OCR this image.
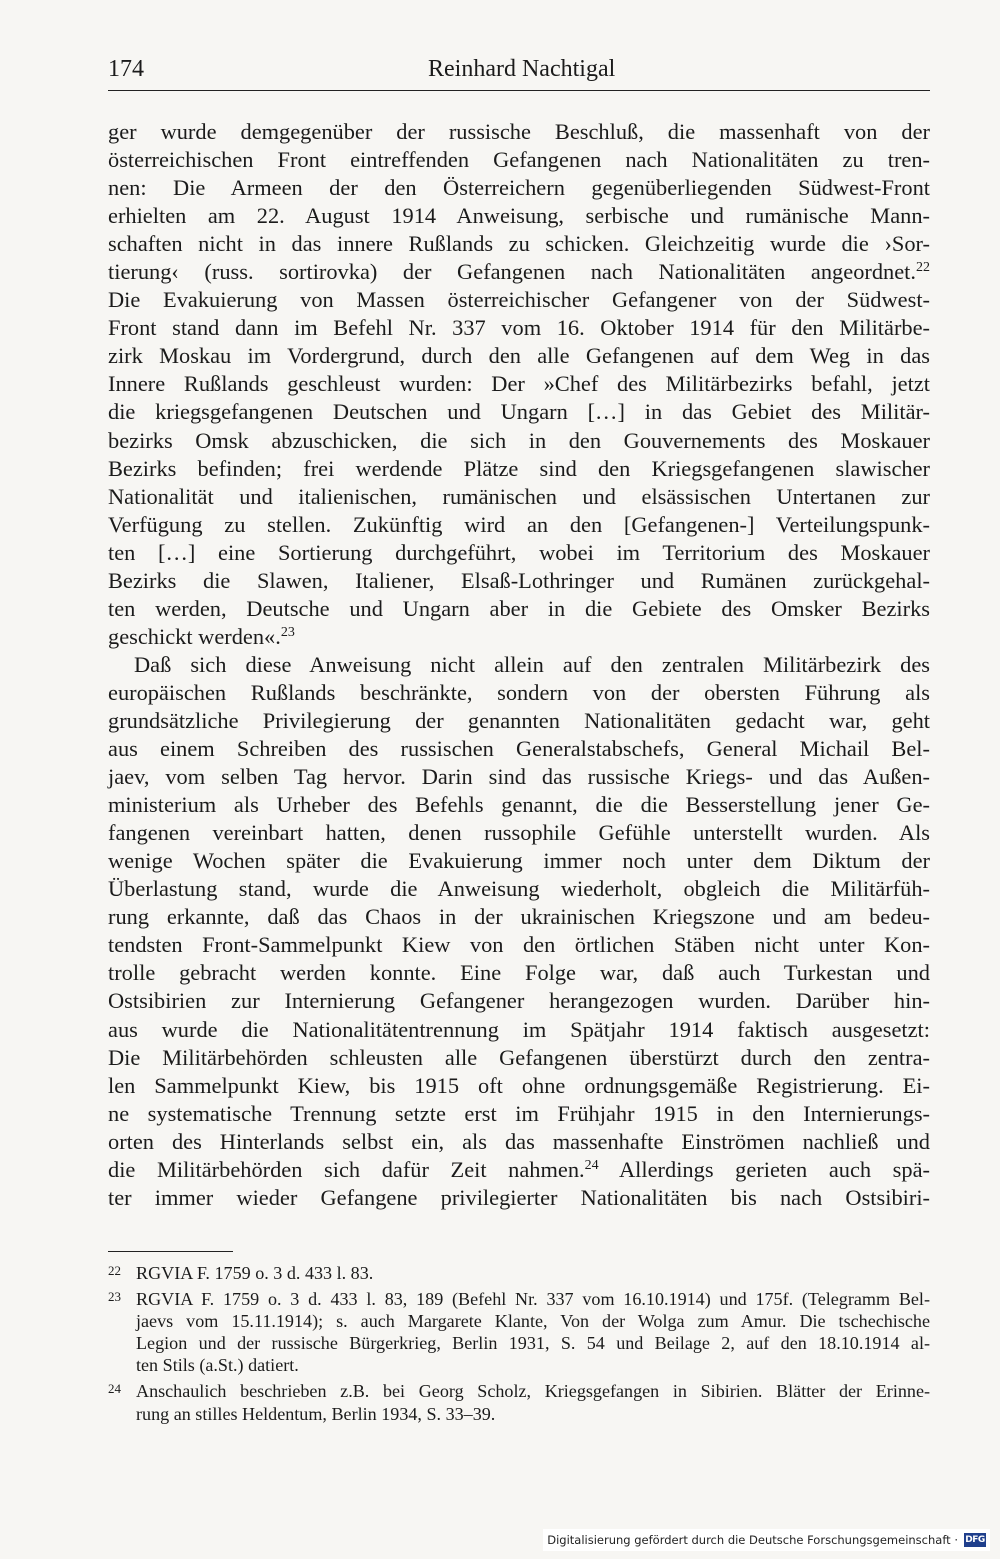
174	Reinhard Nachtigal
ger wurde demgegenüber der russische Beschluß, die massenhaft von der
österreichischen Front eintreffenden Gefangenen nach Nationalitäten zu tren-
nen: Die Armeen der den Österreichern gegenüberliegenden Südwest-Front
erhielten am 22. August 1914 Anweisung, serbische und rumänische Mann-
schaften nicht in das innere Rußlands zu schicken. Gleichzeitig wurde die ›Sor-
tierung‹ (russ. sortirovka) der Gefangenen nach Nationalitäten angeordnet.$^{22}$
Die Evakuierung von Massen österreichischer Gefangener von der Südwest-
Front stand dann im Befehl Nr. 337 vom 16. Oktober 1914 für den Militärbe-
zirk Moskau im Vordergrund, durch den alle Gefangenen auf dem Weg in das
Innere Rußlands geschleust wurden: Der »Chef des Militärbezirks befahl, jetzt
die kriegsgefangenen Deutschen und Ungarn […] in das Gebiet des Militär-
bezirks Omsk abzuschicken, die sich in den Gouvernements des Moskauer
Bezirks befinden; frei werdende Plätze sind den Kriegsgefangenen slawischer
Nationalität und italienischen, rumänischen und elsässischen Untertanen zur
Verfügung zu stellen. Zukünftig wird an den [Gefangenen-] Verteilungspunk-
ten […] eine Sortierung durchgeführt, wobei im Territorium des Moskauer
Bezirks die Slawen, Italiener, Elsaß-Lothringer und Rumänen zurückgehal-
ten werden, Deutsche und Ungarn aber in die Gebiete des Omsker Bezirks
geschickt werden«.$^{23}$
Daß sich diese Anweisung nicht allein auf den zentralen Militärbezirk des
europäischen Rußlands beschränkte, sondern von der obersten Führung als
grundsätzliche Privilegierung der genannten Nationalitäten gedacht war, geht
aus einem Schreiben des russischen Generalstabschefs, General Michail Bel-
jaev, vom selben Tag hervor. Darin sind das russische Kriegs- und das Außen-
ministerium als Urheber des Befehls genannt, die die Besserstellung jener Ge-
fangenen vereinbart hatten, denen russophile Gefühle unterstellt wurden. Als
wenige Wochen später die Evakuierung immer noch unter dem Diktum der
Überlastung stand, wurde die Anweisung wiederholt, obgleich die Militärfüh-
rung erkannte, daß das Chaos in der ukrainischen Kriegszone und am bedeu-
tendsten Front-Sammelpunkt Kiew von den örtlichen Stäben nicht unter Kon-
trolle gebracht werden konnte. Eine Folge war, daß auch Turkestan und
Ostsibirien zur Internierung Gefangener herangezogen wurden. Darüber hin-
aus wurde die Nationalitätentrennung im Spätjahr 1914 faktisch ausgesetzt:
Die Militärbehörden schleusten alle Gefangenen überstürzt durch den zentra-
len Sammelpunkt Kiew, bis 1915 oft ohne ordnungsgemäße Registrierung. Ei-
ne systematische Trennung setzte erst im Frühjahr 1915 in den Internierungs-
orten des Hinterlands selbst ein, als das massenhafte Einströmen nachließ und
die Militärbehörden sich dafür Zeit nahmen.$^{24}$ Allerdings gerieten auch spä-
ter immer wieder Gefangene privilegierter Nationalitäten bis nach Ostsibiri-
22 RGVIA F. 1759 o. 3 d. 433 l. 83.
23 RGVIA F. 1759 o. 3 d. 433 l. 83, 189 (Befehl Nr. 337 vom 16.10.1914) und 175f. (Telegramm Bel-
jaevs vom 15.11.1914); s. auch Margarete Klante, Von der Wolga zum Amur. Die tschechische
Legion und der russische Bürgerkrieg, Berlin 1931, S. 54 und Beilage 2, auf den 18.10.1914 al-
ten Stils (a.St.) datiert.
24 Anschaulich beschrieben z.B. bei Georg Scholz, Kriegsgefangen in Sibirien. Blätter der Erinne-
rung an stilles Heldentum, Berlin 1934, S. 33–39.
Digitalisierung gefördert durch die Deutsche Forschungsgemeinschaft · DFG
